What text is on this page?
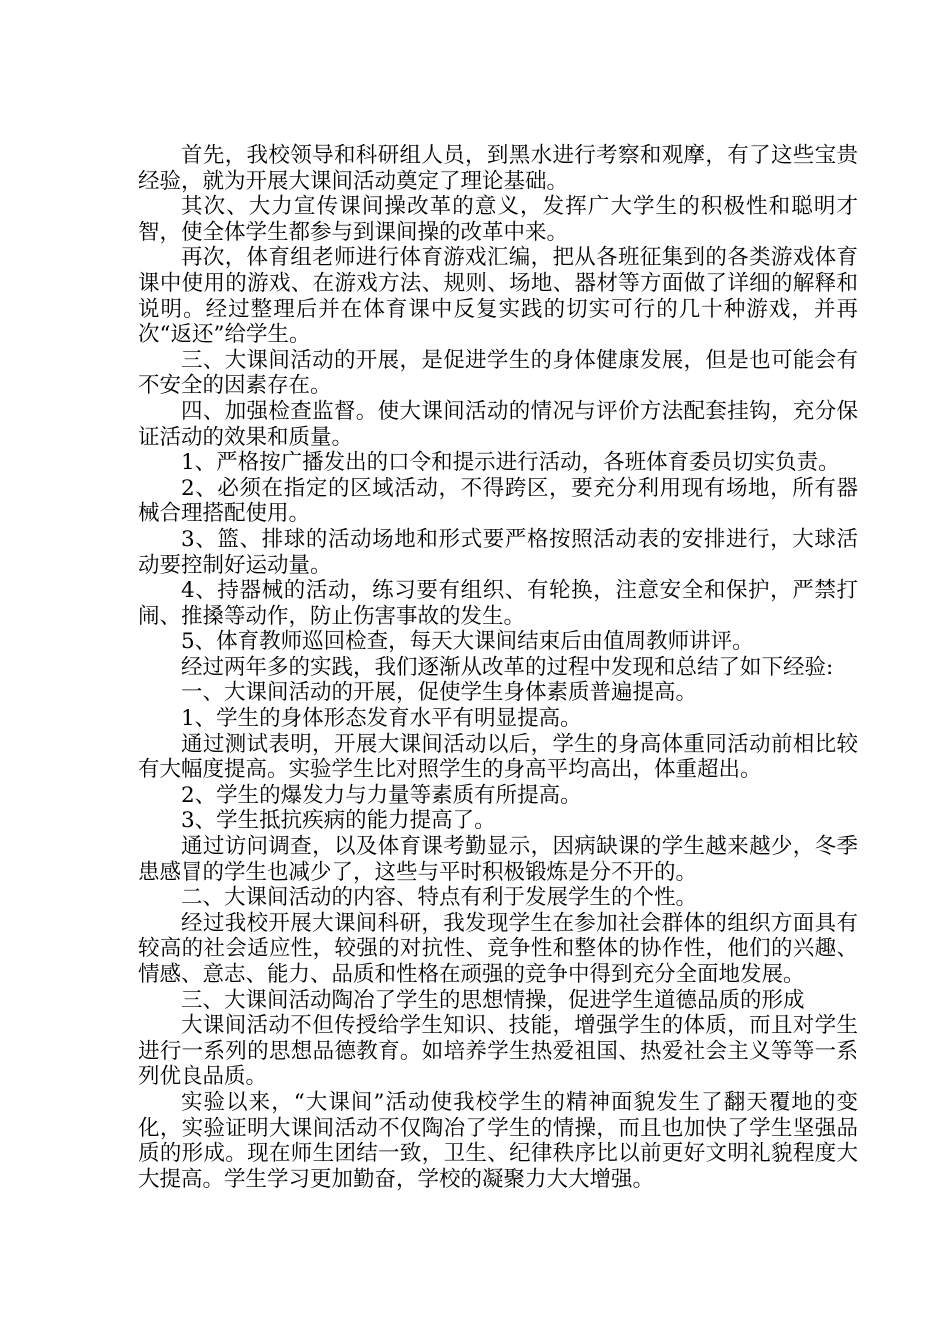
首先，我校领导和科研组人员，到黑水进行考察和观摩，有了这些宝贵经验，就为开展大课间活动奠定了理论基础。

其次、大力宣传课间操改革的意义，发挥广大学生的积极性和聪明才智，使全体学生都参与到课间操的改革中来。

再次，体育组老师进行体育游戏汇编，把从各班征集到的各类游戏体育课中使用的游戏、在游戏方法、规则、场地、器材等方面做了详细的解释和说明。经过整理后并在体育课中反复实践的切实可行的几十种游戏，并再次“返还”给学生。

三、大课间活动的开展，是促进学生的身体健康发展，但是也可能会有不安全的因素存在。

四、加强检查监督。使大课间活动的情况与评价方法配套挂钩，充分保证活动的效果和质量。

1、严格按广播发出的口令和提示进行活动，各班体育委员切实负责。

2、必须在指定的区域活动，不得跨区，要充分利用现有场地，所有器械合理搭配使用。

3、篮、排球的活动场地和形式要严格按照活动表的安排进行，大球活动要控制好运动量。

4、持器械的活动，练习要有组织、有轮换，注意安全和保护，严禁打闹、推搡等动作，防止伤害事故的发生。

5、体育教师巡回检查，每天大课间结束后由值周教师讲评。

经过两年多的实践，我们逐渐从改革的过程中发现和总结了如下经验:

一、大课间活动的开展，促使学生身体素质普遍提高。

1、学生的身体形态发育水平有明显提高。

通过测试表明，开展大课间活动以后，学生的身高体重同活动前相比较有大幅度提高。实验学生比对照学生的身高平均高出，体重超出。

2、学生的爆发力与力量等素质有所提高。

3、学生抵抗疾病的能力提高了。

通过访问调查，以及体育课考勤显示，因病缺课的学生越来越少，冬季患感冒的学生也减少了，这些与平时积极锻炼是分不开的。

二、大课间活动的内容、特点有利于发展学生的个性。

经过我校开展大课间科研，我发现学生在参加社会群体的组织方面具有较高的社会适应性，较强的对抗性、竞争性和整体的协作性，他们的兴趣、情感、意志、能力、品质和性格在顽强的竞争中得到充分全面地发展。

三、大课间活动陶冶了学生的思想情操，促进学生道德品质的形成

大课间活动不但传授给学生知识、技能，增强学生的体质，而且对学生进行一系列的思想品德教育。如培养学生热爱祖国、热爱社会主义等等一系列优良品质。

实验以来，“大课间”活动使我校学生的精神面貌发生了翻天覆地的变化，实验证明大课间活动不仅陶冶了学生的情操，而且也加快了学生坚强品质的形成。现在师生团结一致，卫生、纪律秩序比以前更好文明礼貌程度大大提高。学生学习更加勤奋，学校的凝聚力大大增强。
